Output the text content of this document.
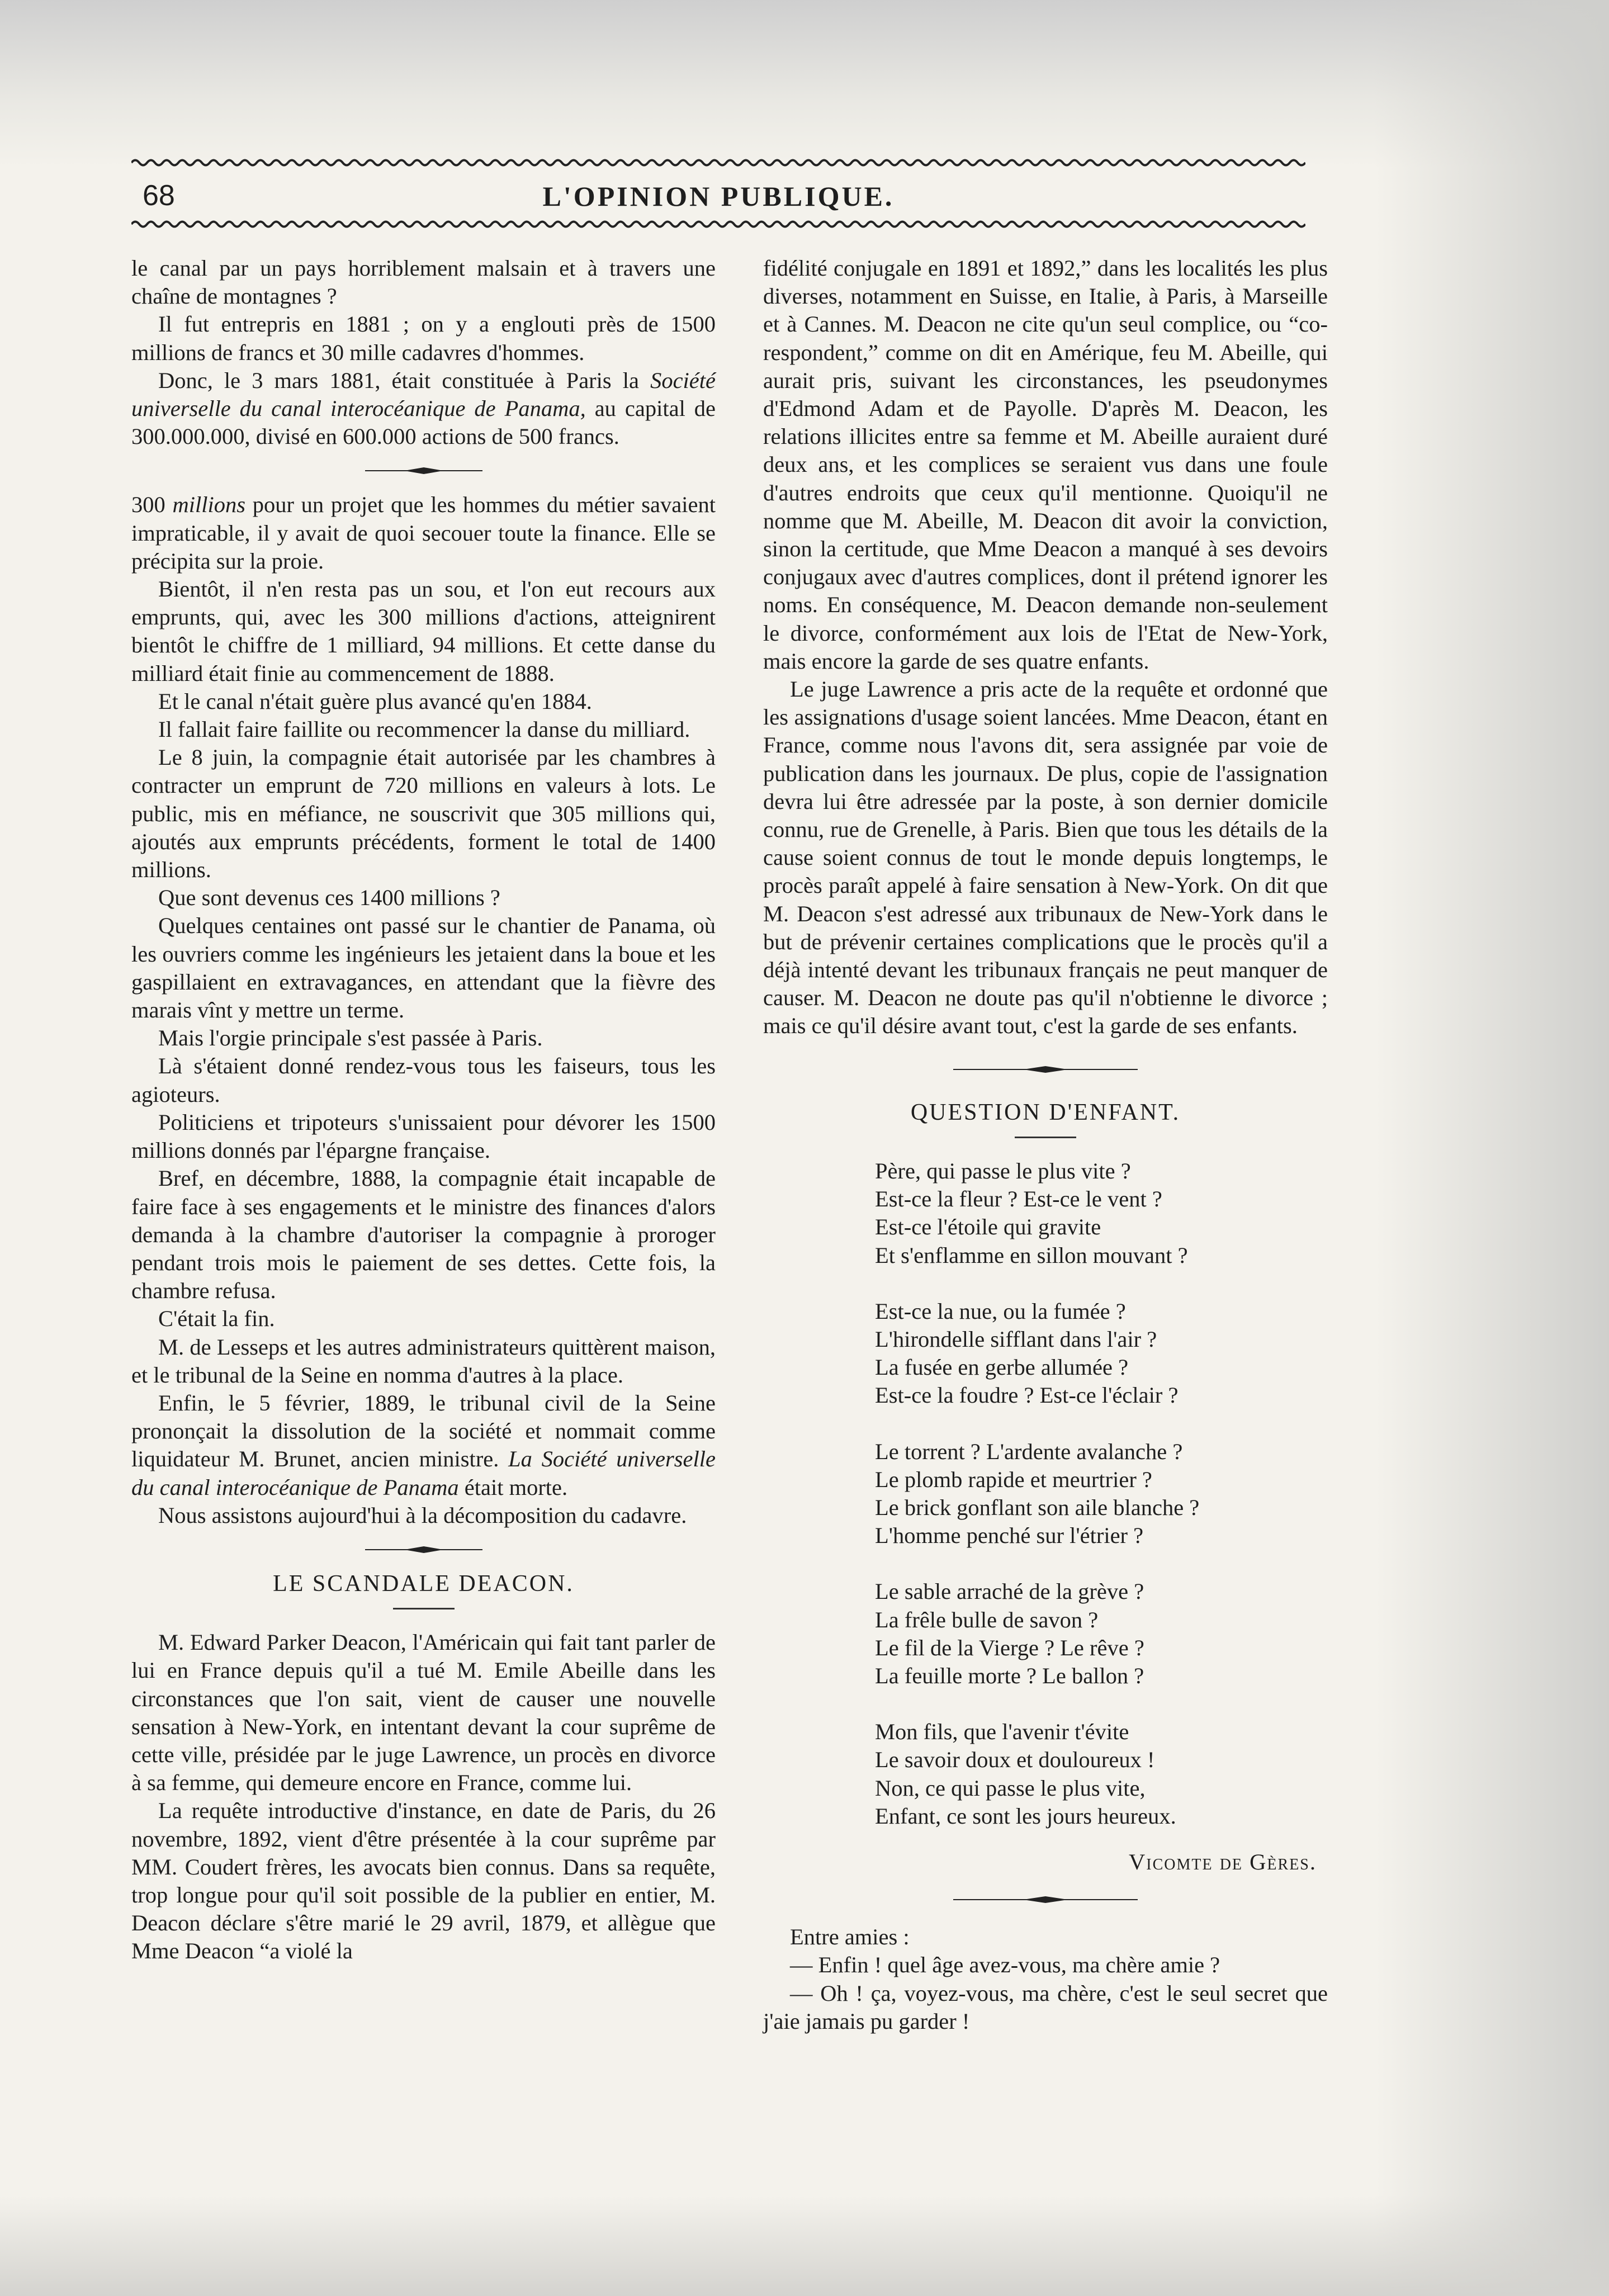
68	L'OPINION PUBLIQUE.

le canal par un pays horriblement malsain et à travers une chaîne de montagnes ?

Il fut entrepris en 1881 ; on y a englouti près de 1500 millions de francs et 30 mille cadavres d'hommes.

Donc, le 3 mars 1881, était constituée à Paris la Société universelle du canal interocéanique de Panama, au capital de 300.000.000, divisé en 600.000 actions de 500 francs.

300 millions pour un projet que les hommes du métier savaient impraticable, il y avait de quoi secouer toute la finance. Elle se précipita sur la proie.

Bientôt, il n'en resta pas un sou, et l'on eut recours aux emprunts, qui, avec les 300 millions d'actions, atteignirent bientôt le chiffre de 1 milliard, 94 millions. Et cette danse du milliard était finie au commencement de 1888.

Et le canal n'était guère plus avancé qu'en 1884.

Il fallait faire faillite ou recommencer la danse du milliard.

Le 8 juin, la compagnie était autorisée par les chambres à contracter un emprunt de 720 millions en valeurs à lots. Le public, mis en méfiance, ne souscrivit que 305 millions qui, ajoutés aux emprunts précédents, forment le total de 1400 millions.

Que sont devenus ces 1400 millions ?

Quelques centaines ont passé sur le chantier de Panama, où les ouvriers comme les ingénieurs les jetaient dans la boue et les gaspillaient en extravagances, en attendant que la fièvre des marais vînt y mettre un terme.

Mais l'orgie principale s'est passée à Paris.

Là s'étaient donné rendez-vous tous les faiseurs, tous les agioteurs.

Politiciens et tripoteurs s'unissaient pour dévorer les 1500 millions donnés par l'épargne française.

Bref, en décembre, 1888, la compagnie était incapable de faire face à ses engagements et le ministre des finances d'alors demanda à la chambre d'autoriser la compagnie à proroger pendant trois mois le paiement de ses dettes. Cette fois, la chambre refusa.

C'était la fin.

M. de Lesseps et les autres administrateurs quittèrent maison, et le tribunal de la Seine en nomma d'autres à la place.

Enfin, le 5 février, 1889, le tribunal civil de la Seine prononçait la dissolution de la société et nommait comme liquidateur M. Brunet, ancien ministre. La Société universelle du canal interocéanique de Panama était morte.

Nous assistons aujourd'hui à la décomposition du cadavre.

LE SCANDALE DEACON.

M. Edward Parker Deacon, l'Américain qui fait tant parler de lui en France depuis qu'il a tué M. Emile Abeille dans les circonstances que l'on sait, vient de causer une nouvelle sensation à New-York, en intentant devant la cour suprême de cette ville, présidée par le juge Lawrence, un procès en divorce à sa femme, qui demeure encore en France, comme lui.

La requête introductive d'instance, en date de Paris, du 26 novembre, 1892, vient d'être présentée à la cour suprême par MM. Coudert frères, les avocats bien connus. Dans sa requête, trop longue pour qu'il soit possible de la publier en entier, M. Deacon déclare s'être marié le 29 avril, 1879, et allègue que Mme Deacon “a violé la

fidélité conjugale en 1891 et 1892,” dans les localités les plus diverses, notamment en Suisse, en Italie, à Paris, à Marseille et à Cannes. M. Deacon ne cite qu'un seul complice, ou “co-respondent,” comme on dit en Amérique, feu M. Abeille, qui aurait pris, suivant les circonstances, les pseudonymes d'Edmond Adam et de Payolle. D'après M. Deacon, les relations illicites entre sa femme et M. Abeille auraient duré deux ans, et les complices se seraient vus dans une foule d'autres endroits que ceux qu'il mentionne. Quoiqu'il ne nomme que M. Abeille, M. Deacon dit avoir la conviction, sinon la certitude, que Mme Deacon a manqué à ses devoirs conjugaux avec d'autres complices, dont il prétend ignorer les noms. En conséquence, M. Deacon demande non-seulement le divorce, conformément aux lois de l'Etat de New-York, mais encore la garde de ses quatre enfants.

Le juge Lawrence a pris acte de la requête et ordonné que les assignations d'usage soient lancées. Mme Deacon, étant en France, comme nous l'avons dit, sera assignée par voie de publication dans les journaux. De plus, copie de l'assignation devra lui être adressée par la poste, à son dernier domicile connu, rue de Grenelle, à Paris. Bien que tous les détails de la cause soient connus de tout le monde depuis longtemps, le procès paraît appelé à faire sensation à New-York. On dit que M. Deacon s'est adressé aux tribunaux de New-York dans le but de prévenir certaines complications que le procès qu'il a déjà intenté devant les tribunaux français ne peut manquer de causer. M. Deacon ne doute pas qu'il n'obtienne le divorce ; mais ce qu'il désire avant tout, c'est la garde de ses enfants.

QUESTION D'ENFANT.
Père, qui passe le plus vite ?
Est-ce la fleur ? Est-ce le vent ?
Est-ce l'étoile qui gravite
Et s'enflamme en sillon mouvant ?
Est-ce la nue, ou la fumée ?
L'hirondelle sifflant dans l'air ?
La fusée en gerbe allumée ?
Est-ce la foudre ? Est-ce l'éclair ?
Le torrent ? L'ardente avalanche ?
Le plomb rapide et meurtrier ?
Le brick gonflant son aile blanche ?
L'homme penché sur l'étrier ?
Le sable arraché de la grève ?
La frêle bulle de savon ?
Le fil de la Vierge ? Le rêve ?
La feuille morte ? Le ballon ?
Mon fils, que l'avenir t'évite
Le savoir doux et douloureux !
Non, ce qui passe le plus vite,
Enfant, ce sont les jours heureux.
Vicomte de Gères.
Entre amies :
— Enfin ! quel âge avez-vous, ma chère amie ?

— Oh ! ça, voyez-vous, ma chère, c'est le seul secret que j'aie jamais pu garder !
